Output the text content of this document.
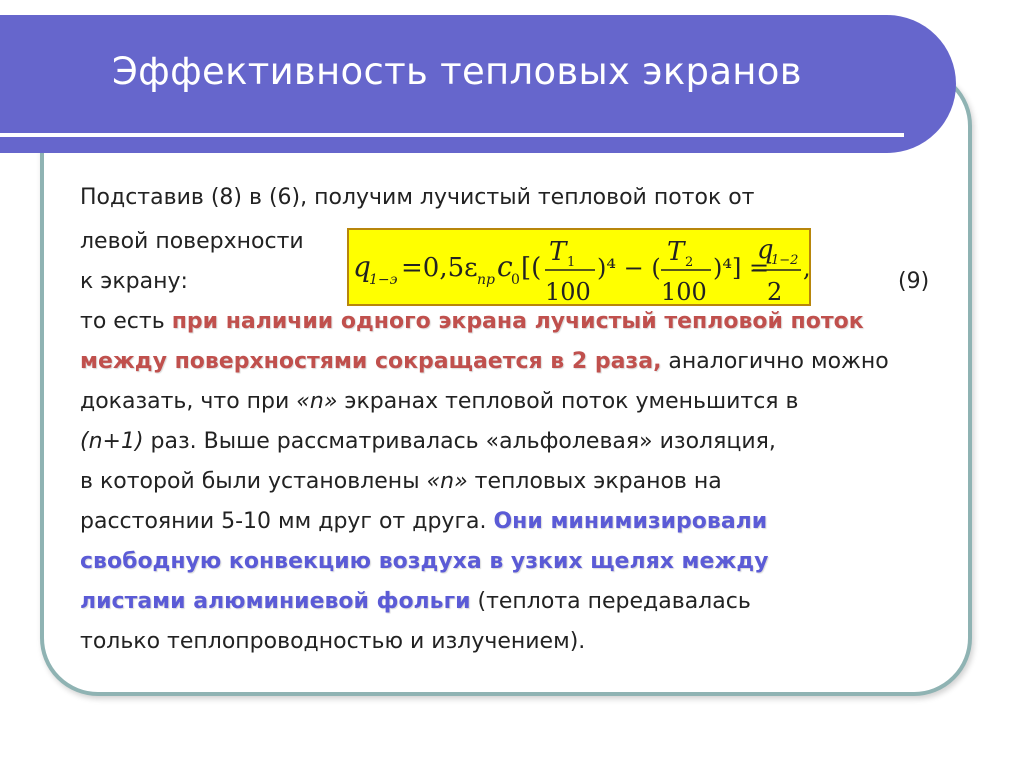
Эффективность тепловых экранов
Подставив (8) в (6), получим лучистый тепловой поток от
левой поверхности
к экрану:	(9)
q
1−э =0,5ε пр c
0 [(
T 1
100
)⁴ − (
T 2
100
)⁴] =
q
1−2
2
,
то есть при наличии одного экрана лучистый тепловой поток
между поверхностями сокращается в 2 раза, аналогично можно
доказать, что при «n» экранах тепловой поток уменьшится в
(n+1) раз. Выше рассматривалась «альфолевая» изоляция,
в которой были установлены «n» тепловых экранов на
расстоянии 5-10 мм друг от друга. Они минимизировали
свободную конвекцию воздуха в узких щелях между
листами алюминиевой фольги (теплота передавалась
только теплопроводностью и излучением).
